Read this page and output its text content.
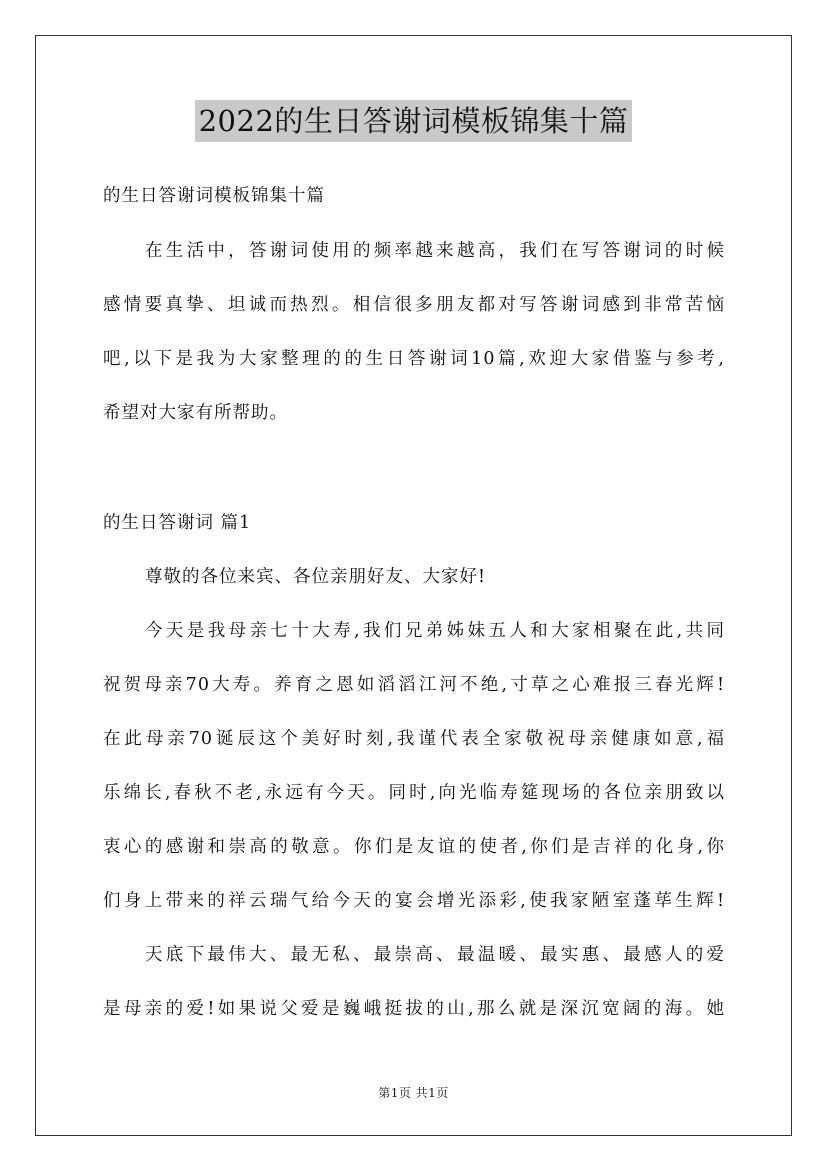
2022的生日答谢词模板锦集十篇
的生日答谢词模板锦集十篇
在生活中，答谢词使用的频率越来越高，我们在写答谢词的时候
感情要真挚、坦诚而热烈。相信很多朋友都对写答谢词感到非常苦恼
吧,以下是我为大家整理的的生日答谢词10篇,欢迎大家借鉴与参考,
希望对大家有所帮助。
的生日答谢词 篇1
尊敬的各位来宾、各位亲朋好友、大家好!
今天是我母亲七十大寿,我们兄弟姊妹五人和大家相聚在此,共同
祝贺母亲70大寿。养育之恩如滔滔江河不绝,寸草之心难报三春光辉!
在此母亲70诞辰这个美好时刻,我谨代表全家敬祝母亲健康如意,福
乐绵长,春秋不老,永远有今天。同时,向光临寿筵现场的各位亲朋致以
衷心的感谢和崇高的敬意。你们是友谊的使者,你们是吉祥的化身,你
们身上带来的祥云瑞气给今天的宴会增光添彩,使我家陋室蓬荜生辉!
天底下最伟大、最无私、最崇高、最温暖、最实惠、最感人的爱
是母亲的爱!如果说父爱是巍峨挺拔的山,那么就是深沉宽阔的海。她
第1页 共1页
